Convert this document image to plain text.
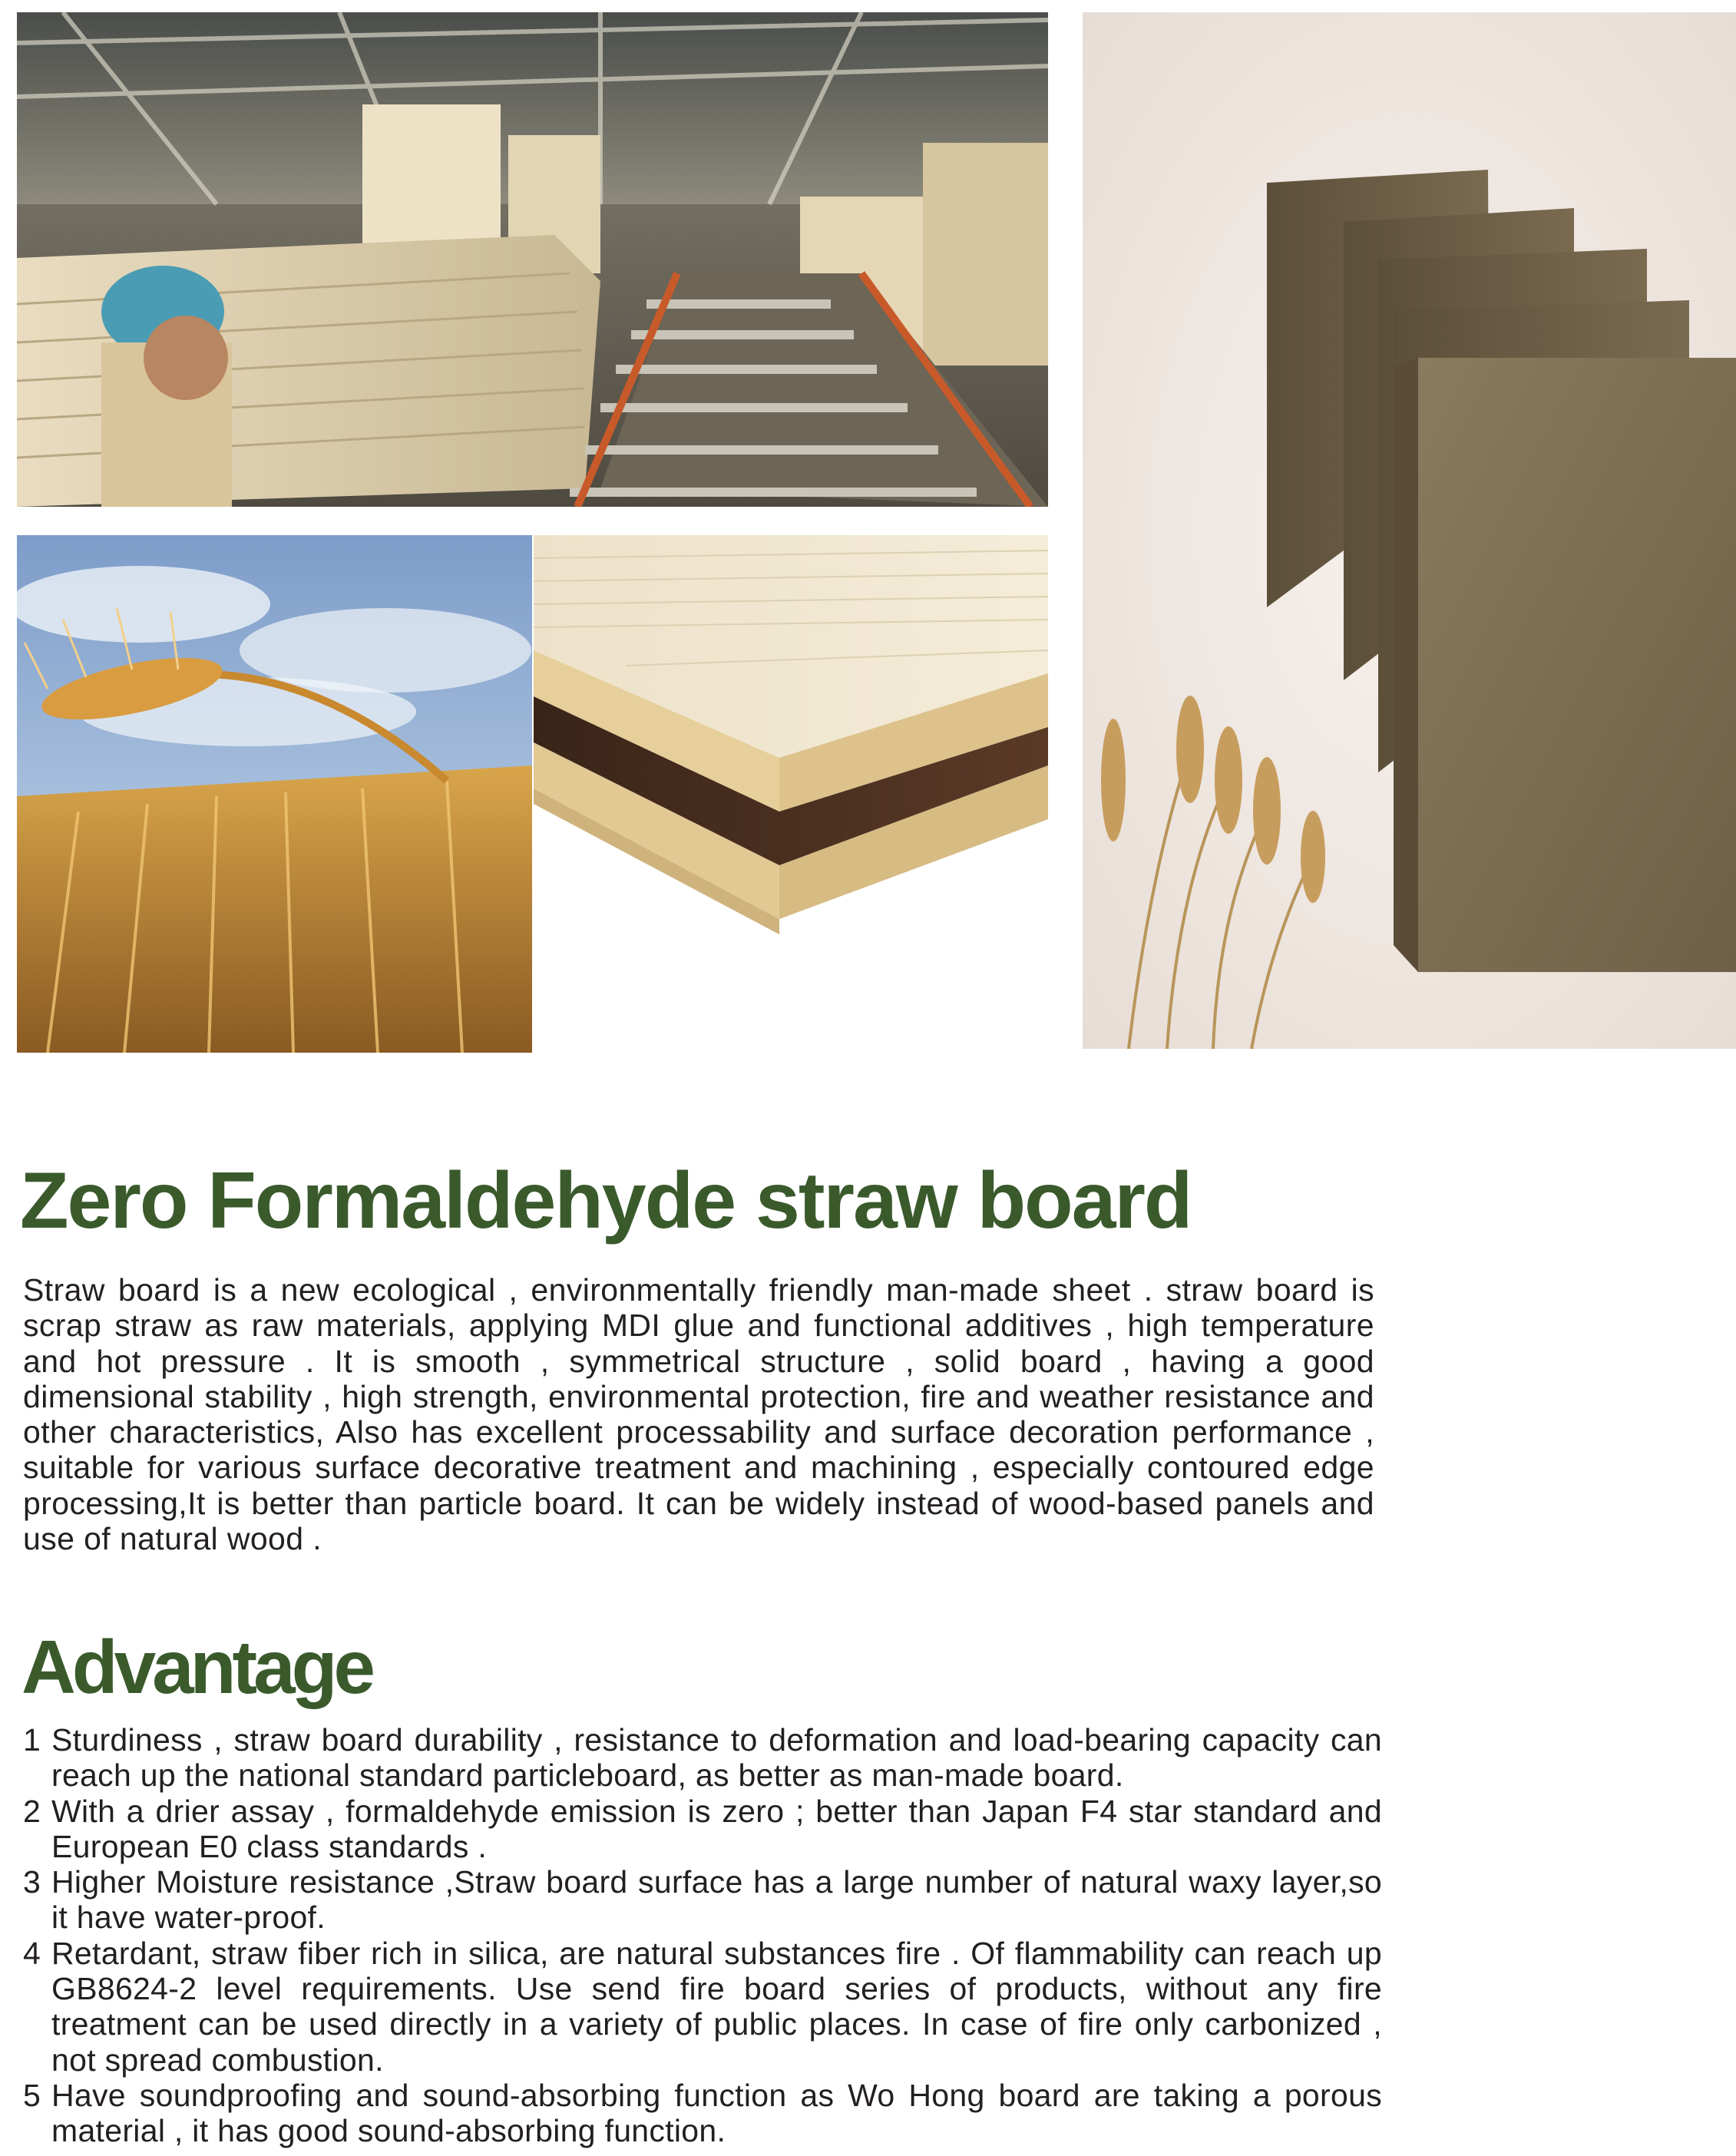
Zero Formaldehyde straw board

Straw board is a new ecological , environmentally friendly man-made sheet . straw board is scrap straw as raw materials, applying MDI glue and functional additives , high temperature and hot pressure . It is smooth , symmetrical structure , solid board , having a good dimensional stability , high strength, environmental protection, fire and weather resistance and other characteristics, Also has excellent processability and surface decoration performance , suitable for various surface decorative treatment and machining , especially contoured edge processing,It is better than particle board. It can be widely instead of wood-based panels and use of natural wood .

Advantage
1 Sturdiness , straw board durability , resistance to deformation and load-bearing capacity can reach up the national standard particleboard, as better as man-made board.
2 With a drier assay , formaldehyde emission is zero ; better than Japan F4 star standard and European E0 class standards .
3 Higher Moisture resistance ,Straw board surface has a large number of natural waxy layer,so it have water-proof.
4 Retardant, straw fiber rich in silica, are natural substances fire . Of flammability can reach up GB8624-2 level requirements. Use send fire board series of products, without any fire treatment can be used directly in a variety of public places. In case of fire only carbonized , not spread combustion.
5 Have soundproofing and sound-absorbing function as Wo Hong board are taking a porous material , it has good sound-absorbing function.
